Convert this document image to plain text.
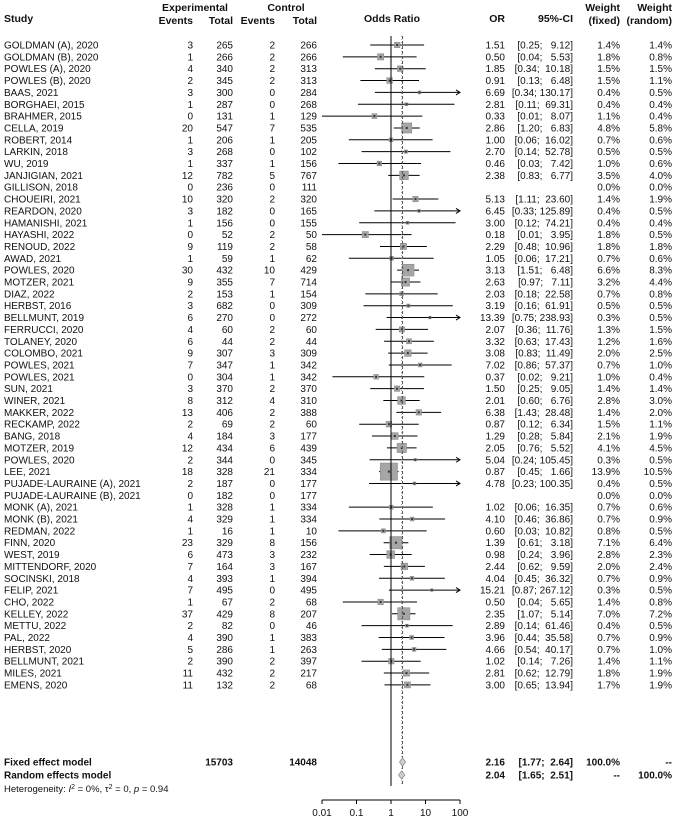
Study
Experimental	Control
Events Total Events Total	Odds Ratio	OR	95%-CI
Weight
(fixed)
Weight
(random)
GOLDMAN (A), 2020	3 265	2	266	1.51 [0.25;   9.12] 1.4%	1.4%
GOLDMAN (B), 2020	1 266	2	266	0.50 [0.04;   5.53] 1.8%	0.8%
POWLES (A), 2020	4 340	2	313	1.85 [0.34;  10.18] 1.5%	1.5%
POWLES (B), 2020	2 345	2	313	0.91 [0.13;   6.48] 1.5%	1.1%
BAAS, 2021	3 300	0	284	6.69 [0.34; 130.17] 0.4%	0.5%
BORGHAEI, 2015	1 287	0	268	2.81 [0.11;  69.31] 0.4%	0.4%
BRAHMER, 2015	0 131	1	129	0.33 [0.01;   8.07] 1.1%	0.4%
CELLA, 2019	20 547	7	535	2.86 [1.20;   6.83] 4.8%	5.8%
ROBERT, 2014	1 206	1	205	1.00 [0.06;  16.02] 0.7%	0.6%
LARKIN, 2018	3 268	0	102	2.70 [0.14;  52.78] 0.5%	0.5%
WU, 2019	1 337	1	156	0.46 [0.03;   7.42] 1.0%	0.6%
JANJIGIAN, 2021	12 782	5	767	2.38 [0.83;   6.77] 3.5%	4.0%
GILLISON, 2018	0 236	0	111	0.0%	0.0%
CHOUEIRI, 2021	10 320	2	320	5.13 [1.11;  23.60] 1.4%	1.9%
REARDON, 2020	3 182	0	165	6.45 [0.33; 125.89] 0.4%	0.5%
HAMANISHI, 2021	1 156	0	155	3.00 [0.12;  74.21] 0.4%	0.4%
HAYASHI, 2022	0	52	2	50	0.18 [0.01;   3.95] 1.8%	0.5%
RENOUD, 2022	9 119	2	58	2.29 [0.48;  10.96] 1.8%	1.8%
AWAD, 2021	1	59	1	62	1.05 [0.06;  17.21] 0.7%	0.6%
POWLES, 2020	30 432	10	429	3.13 [1.51;   6.48] 6.6%	8.3%
MOTZER, 2021	9 355	7	714	2.63 [0.97;   7.11] 3.2%	4.4%
DIAZ, 2022	2 153	1	154	2.03 [0.18;  22.58] 0.7%	0.8%
HERBST, 2016	3 682	0	309	3.19 [0.16;  61.91] 0.5%	0.5%
BELLMUNT, 2019	6 270	0	272	13.39 [0.75; 238.93] 0.3%	0.5%
FERRUCCI, 2020	4	60	2	60	2.07 [0.36;  11.76] 1.3%	1.5%
TOLANEY, 2020	6	44	2	44	3.32 [0.63;  17.43] 1.2%	1.6%
COLOMBO, 2021	9 307	3	309	3.08 [0.83;  11.49] 2.0%	2.5%
POWLES, 2021	7 347	1	342	7.02 [0.86;  57.37] 0.7%	1.0%
POWLES, 2021	0 304	1	342	0.37 [0.02;   9.21] 1.0%	0.4%
SUN, 2021	3 370	2	370	1.50 [0.25;   9.05] 1.4%	1.4%
WINER, 2021	8 312	4	310	2.01 [0.60;   6.76] 2.8%	3.0%
MAKKER, 2022	13 406	2	388	6.38 [1.43;  28.48] 1.4%	2.0%
RECKAMP, 2022	2	69	2	60	0.87 [0.12;   6.34] 1.5%	1.1%
BANG, 2018	4 184	3	177	1.29 [0.28;   5.84] 2.1%	1.9%
MOTZER, 2019	12 434	6	439	2.05 [0.76;   5.52] 4.1%	4.5%
POWLES, 2020	2 344	0	345	5.04 [0.24; 105.45] 0.3%	0.5%
LEE, 2021	18 328	21	334	0.87 [0.45;   1.66] 13.9% 10.5%
PUJADE-LAURAINE (A), 2021	2 187	0	177	4.78 [0.23; 100.35] 0.4%	0.5%
PUJADE-LAURAINE (B), 2021	0 182	0	177	0.0%	0.0%
MONK (A), 2021	1 328	1	334	1.02 [0.06;  16.35] 0.7%	0.6%
MONK (B), 2021	4 329	1	334	4.10 [0.46;  36.86] 0.7%	0.9%
REDMAN, 2022	1	16	1	10	0.60 [0.03;  10.82] 0.8%	0.5%
FINN, 2020	23 329	8	156	1.39 [0.61;   3.18] 7.1%	6.4%
WEST, 2019	6 473	3	232	0.98 [0.24;   3.96] 2.8%	2.3%
MITTENDORF, 2020	7 164	3	167	2.44 [0.62;   9.59] 2.0%	2.4%
SOCINSKI, 2018	4 393	1	394	4.04 [0.45;  36.32] 0.7%	0.9%
FELIP, 2021	7 495	0	495	15.21 [0.87; 267.12] 0.3%	0.5%
CHO, 2022	1	67	2	68	0.50 [0.04;   5.65] 1.4%	0.8%
KELLEY, 2022	37 429	8	207	2.35 [1.07;   5.14] 7.0%	7.2%
METTU, 2022	2	82	0	46	2.89 [0.14;  61.46] 0.4%	0.5%
PAL, 2022	4 390	1	383	3.96 [0.44;  35.58] 0.7%	0.9%
HERBST, 2020	5 286	1	263	4.66 [0.54;  40.17] 0.7%	1.0%
BELLMUNT, 2021	2 390	2	397	1.02 [0.14;   7.26] 1.4%	1.1%
MILES, 2021	11 432	2	217	2.81 [0.62;  12.79] 1.8%	1.9%
EMENS, 2020	11 132	2	68	3.00 [0.65;  13.94] 1.7%	1.9%
Fixed effect model	15703	14048	2.16 [1.77;  2.64] 100.0%	--
Random effects model	2.04 [1.65;  2.51]	-- 100.0%
Heterogeneity: $I^2 = 0\%$, $\tau^2 = 0$, p = 0.94
0.01 0.1 1	10 100
